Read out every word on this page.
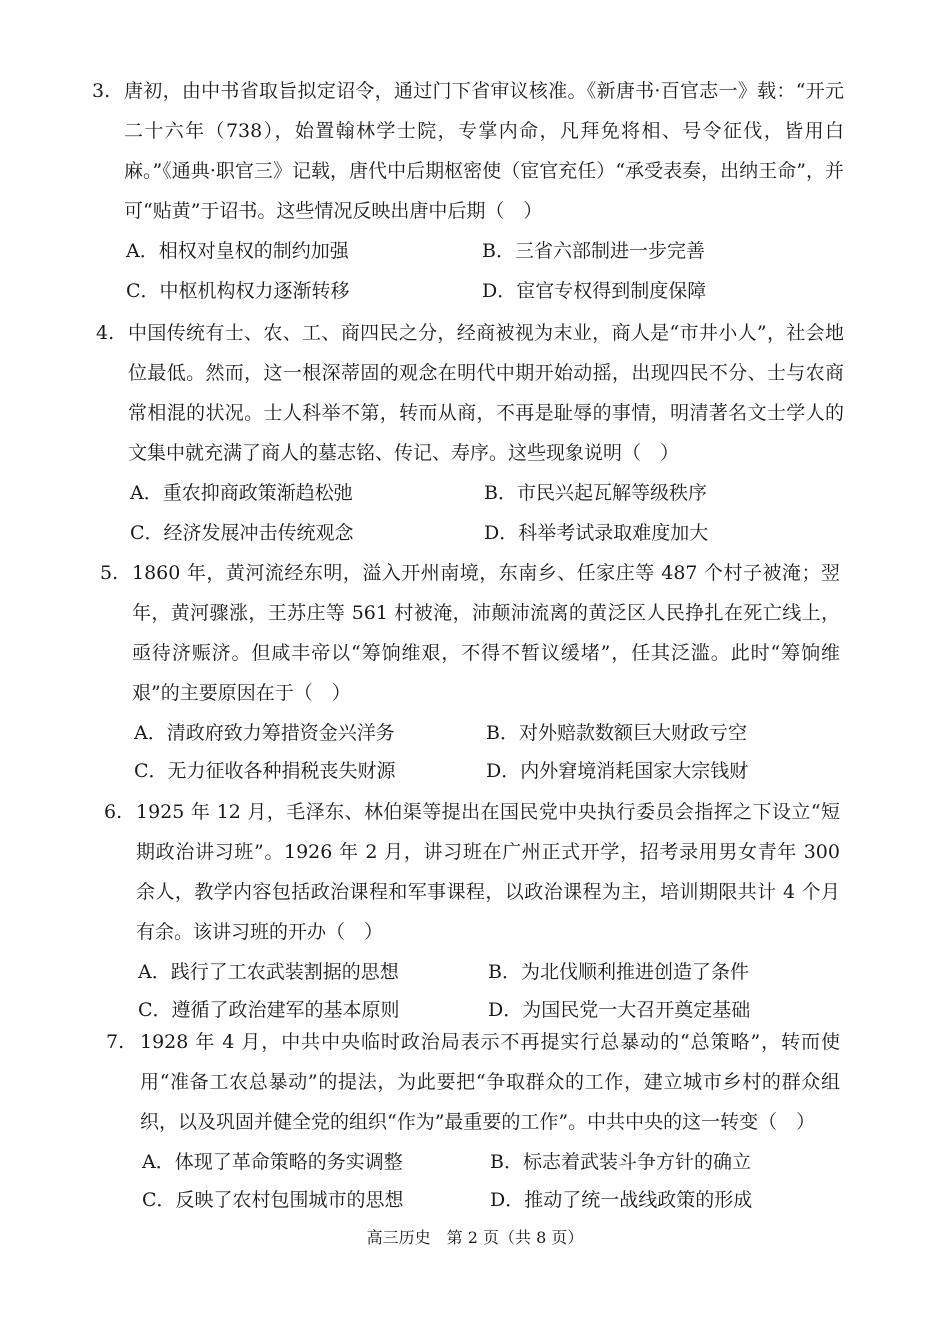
3. 唐初，由中书省取旨拟定诏令，通过门下省审议核准。《新唐书·百官志一》载：“开元二十六年（738），始置翰林学士院，专掌内命，凡拜免将相、号令征伐，皆用白麻。”《通典·职官三》记载，唐代中后期枢密使（宦官充任）“承受表奏，出纳王命”，并可“贴黄”于诏书。这些情况反映出唐中后期（　）
A．相权对皇权的制约加强	B．三省六部制进一步完善
C．中枢机构权力逐渐转移	D．宦官专权得到制度保障
4. 中国传统有士、农、工、商四民之分，经商被视为末业，商人是“市井小人”，社会地位最低。然而，这一根深蒂固的观念在明代中期开始动摇，出现四民不分、士与农商常相混的状况。士人科举不第，转而从商，不再是耻辱的事情，明清著名文士学人的文集中就充满了商人的墓志铭、传记、寿序。这些现象说明（　）
A．重农抑商政策渐趋松弛	B．市民兴起瓦解等级秩序
C．经济发展冲击传统观念	D．科举考试录取难度加大
5. 1860 年，黄河流经东明，溢入开州南境，东南乡、任家庄等 487 个村子被淹；翌年，黄河骤涨，王苏庄等 561 村被淹，沛颠沛流离的黄泛区人民挣扎在死亡线上，亟待济赈济。但咸丰帝以“筹饷维艰，不得不暂议缓堵”，任其泛滥。此时“筹饷维艰”的主要原因在于（　）
A．清政府致力筹措资金兴洋务	B．对外赔款数额巨大财政亏空
C．无力征收各种捐税丧失财源	D．内外窘境消耗国家大宗钱财
6. 1925 年 12 月，毛泽东、林伯渠等提出在国民党中央执行委员会指挥之下设立“短期政治讲习班”。1926 年 2 月，讲习班在广州正式开学，招考录用男女青年 300 余人，教学内容包括政治课程和军事课程，以政治课程为主，培训期限共计 4 个月有余。该讲习班的开办（　）
A．践行了工农武装割据的思想	B．为北伐顺利推进创造了条件
C．遵循了政治建军的基本原则	D．为国民党一大召开奠定基础
7. 1928 年 4 月，中共中央临时政治局表示不再提实行总暴动的“总策略”，转而使用“准备工农总暴动”的提法，为此要把“争取群众的工作，建立城市乡村的群众组织，以及巩固并健全党的组织“作为”最重要的工作”。中共中央的这一转变（　）
A．体现了革命策略的务实调整	B．标志着武装斗争方针的确立
C．反映了农村包围城市的思想	D．推动了统一战线政策的形成
高三历史　第 2 页（共 8 页）
